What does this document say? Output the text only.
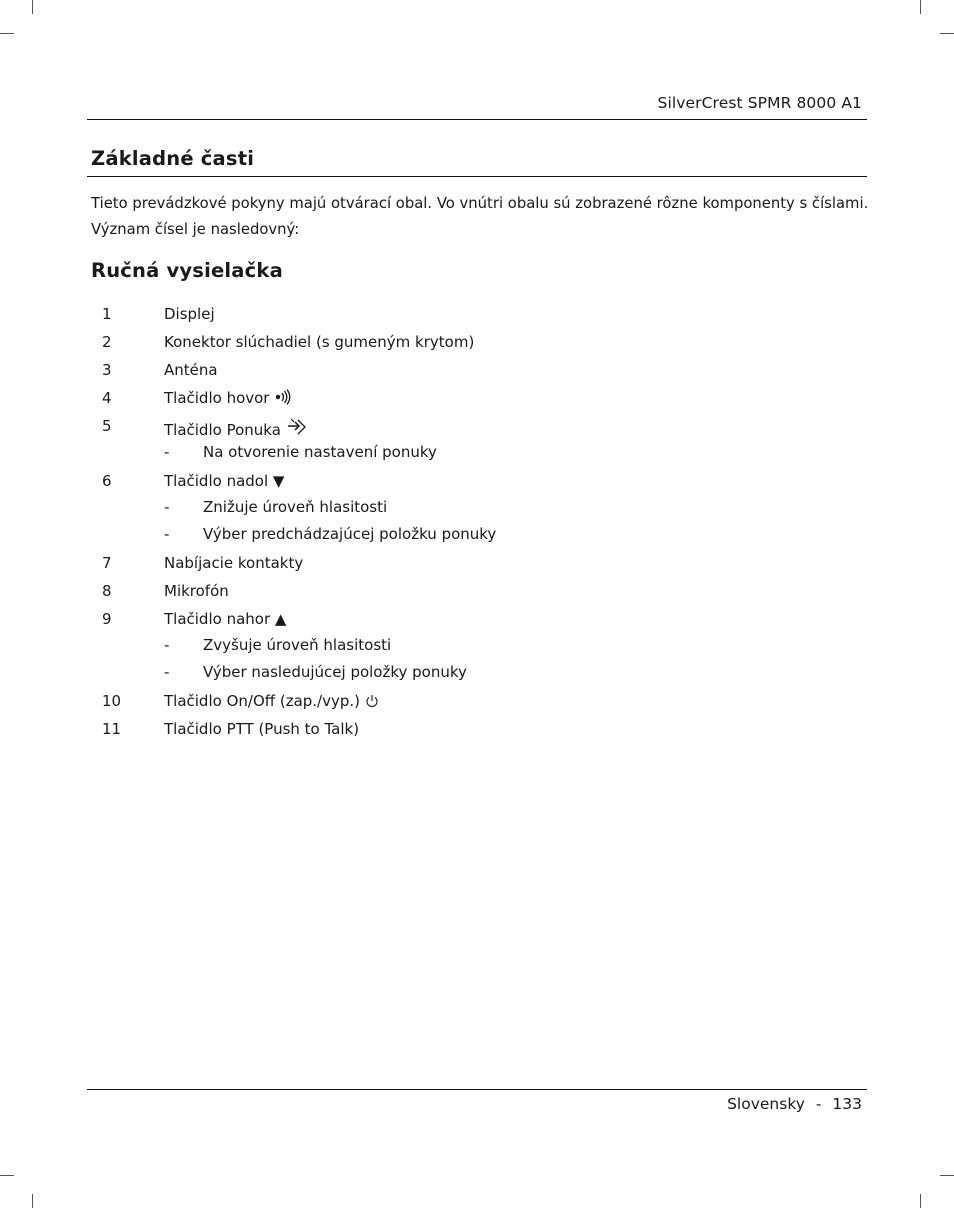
SilverCrest SPMR 8000 A1
Základné časti

Tieto prevádzkové pokyny majú otvárací obal. Vo vnútri obalu sú zobrazené rôzne komponenty s číslami.

Význam čísel je nasledovný:

Ručná vysielačka
1	Displej
2	Konektor slúchadiel (s gumeným krytom)
3	Anténa
4	Tlačidlo hovor
5	Tlačidlo Ponuka
- Na otvorenie nastavení ponuky
6	Tlačidlo nadol ▼
- Znižuje úroveň hlasitosti
- Výber predchádzajúcej položku ponuky
7	Nabíjacie kontakty
8	Mikrofón
9	Tlačidlo nahor ▲
- Zvyšuje úroveň hlasitosti
- Výber nasledujúcej položky ponuky
10	Tlačidlo On/Off (zap./vyp.)
11	Tlačidlo PTT (Push to Talk)
Slovensky - 133
